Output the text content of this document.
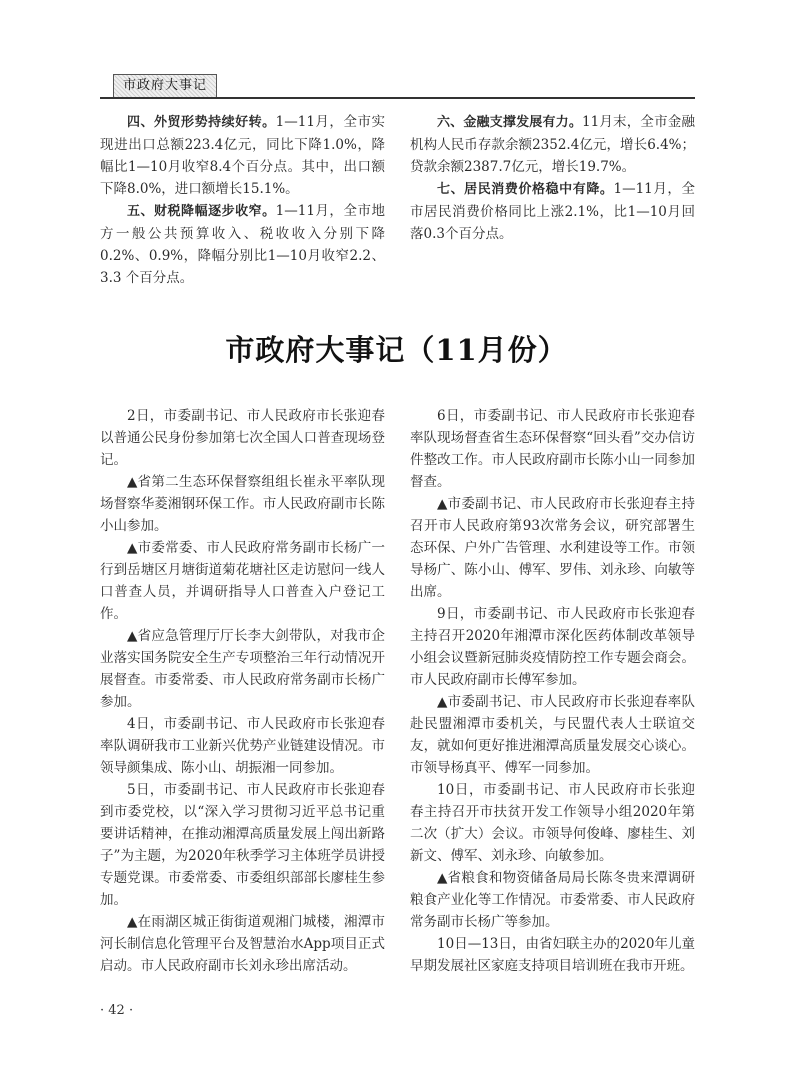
市政府大事记

四、外贸形势持续好转。1—11月，全市实现进出口总额223.4亿元，同比下降1.0%，降幅比1—10月收窄8.4个百分点。其中，出口额下降8.0%，进口额增长15.1%。

五、财税降幅逐步收窄。1—11月，全市地方一般公共预算收入、税收收入分别下降0.2%、0.9%，降幅分别比1—10月收窄2.2、3.3 个百分点。

六、金融支撑发展有力。11月末，全市金融机构人民币存款余额2352.4亿元，增长6.4%；贷款余额2387.7亿元，增长19.7%。

七、居民消费价格稳中有降。1—11月，全市居民消费价格同比上涨2.1%，比1—10月回落0.3个百分点。

市政府大事记（11月份）

2日，市委副书记、市人民政府市长张迎春以普通公民身份参加第七次全国人口普查现场登记。

▲省第二生态环保督察组组长崔永平率队现场督察华菱湘钢环保工作。市人民政府副市长陈小山参加。

▲市委常委、市人民政府常务副市长杨广一行到岳塘区月塘街道菊花塘社区走访慰问一线人口普查人员，并调研指导人口普查入户登记工作。

▲省应急管理厅厅长李大剑带队，对我市企业落实国务院安全生产专项整治三年行动情况开展督查。市委常委、市人民政府常务副市长杨广参加。

4日，市委副书记、市人民政府市长张迎春率队调研我市工业新兴优势产业链建设情况。市领导颜集成、陈小山、胡振湘一同参加。

5日，市委副书记、市人民政府市长张迎春到市委党校，以“深入学习贯彻习近平总书记重要讲话精神，在推动湘潭高质量发展上闯出新路子”为主题，为2020年秋季学习主体班学员讲授专题党课。市委常委、市委组织部部长廖桂生参加。

▲在雨湖区城正街街道观湘门城楼，湘潭市河长制信息化管理平台及智慧治水App项目正式启动。市人民政府副市长刘永珍出席活动。

6日，市委副书记、市人民政府市长张迎春率队现场督查省生态环保督察“回头看”交办信访件整改工作。市人民政府副市长陈小山一同参加督查。

▲市委副书记、市人民政府市长张迎春主持召开市人民政府第93次常务会议，研究部署生态环保、户外广告管理、水利建设等工作。市领导杨广、陈小山、傅军、罗伟、刘永珍、向敏等出席。

9日，市委副书记、市人民政府市长张迎春主持召开2020年湘潭市深化医药体制改革领导小组会议暨新冠肺炎疫情防控工作专题会商会。市人民政府副市长傅军参加。

▲市委副书记、市人民政府市长张迎春率队赴民盟湘潭市委机关，与民盟代表人士联谊交友，就如何更好推进湘潭高质量发展交心谈心。市领导杨真平、傅军一同参加。

10日，市委副书记、市人民政府市长张迎春主持召开市扶贫开发工作领导小组2020年第二次（扩大）会议。市领导何俊峰、廖桂生、刘新文、傅军、刘永珍、向敏参加。

▲省粮食和物资储备局局长陈冬贵来潭调研粮食产业化等工作情况。市委常委、市人民政府常务副市长杨广等参加。

10日—13日，由省妇联主办的2020年儿童早期发展社区家庭支持项目培训班在我市开班。

· 42 ·
